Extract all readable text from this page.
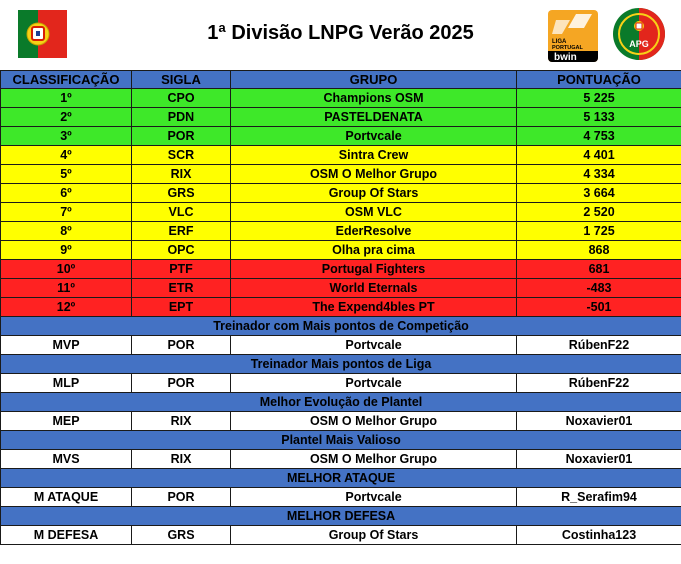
1ª Divisão LNPG Verão 2025	LIGA
PORTUGAL
bwin
APG
CLASSIFICAÇÃO	SIGLA	GRUPO	PONTUAÇÃO
1º	CPO	Champions OSM	5 225
2º	PDN	PASTELDENATA	5 133
3º	POR	Portvcale	4 753
4º	SCR	Sintra Crew	4 401
5º	RIX	OSM O Melhor Grupo	4 334
6º	GRS	Group Of Stars	3 664
7º	VLC	OSM VLC	2 520
8º	ERF	EderResolve	1 725
9º	OPC	Olha pra cima	868
10º	PTF	Portugal Fighters	681
11º	ETR	World Eternals	-483
12º	EPT	The Expend4bles PT	-501
Treinador com Mais pontos de Competição			
MVP	POR	Portvcale	RúbenF22
Treinador Mais pontos de Liga			
MLP	POR	Portvcale	RúbenF22
Melhor Evolução de Plantel			
MEP	RIX	OSM O Melhor Grupo	Noxavier01
Plantel Mais Valioso			
MVS	RIX	OSM O Melhor Grupo	Noxavier01
MELHOR ATAQUE			
M ATAQUE	POR	Portvcale	R_Serafim94
MELHOR DEFESA			
M DEFESA	GRS	Group Of Stars	Costinha123
